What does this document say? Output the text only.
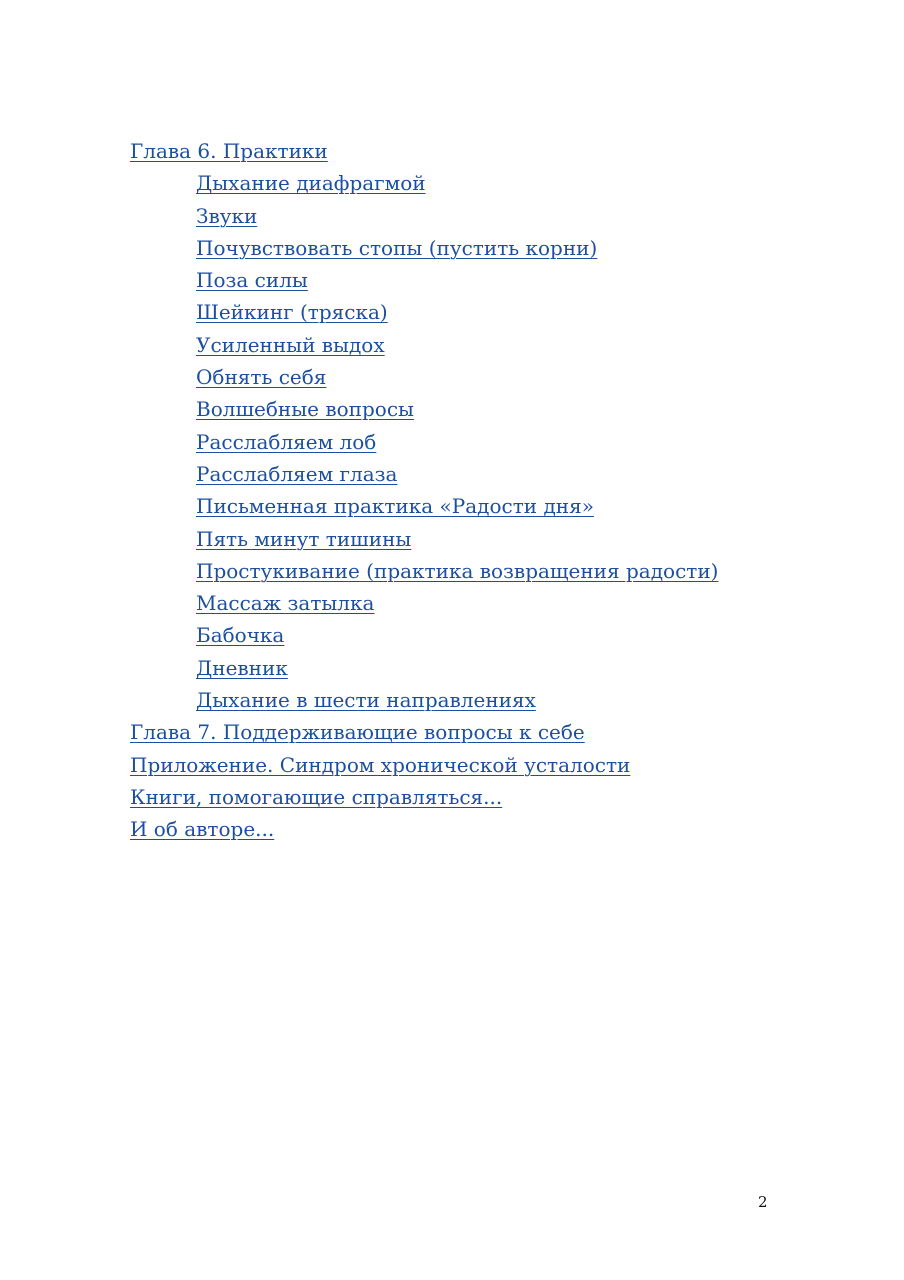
Глава 6. Практики
Дыхание диафрагмой
Звуки
Почувствовать стопы (пустить корни)
Поза силы
Шейкинг (тряска)
Усиленный выдох
Обнять себя
Волшебные вопросы
Расслабляем лоб
Расслабляем глаза
Письменная практика «Радости дня»
Пять минут тишины
Простукивание (практика возвращения радости)
Массаж затылка
Бабочка
Дневник
Дыхание в шести направлениях
Глава 7. Поддерживающие вопросы к себе
Приложение. Синдром хронической усталости
Книги, помогающие справляться...
И об авторе...
2
